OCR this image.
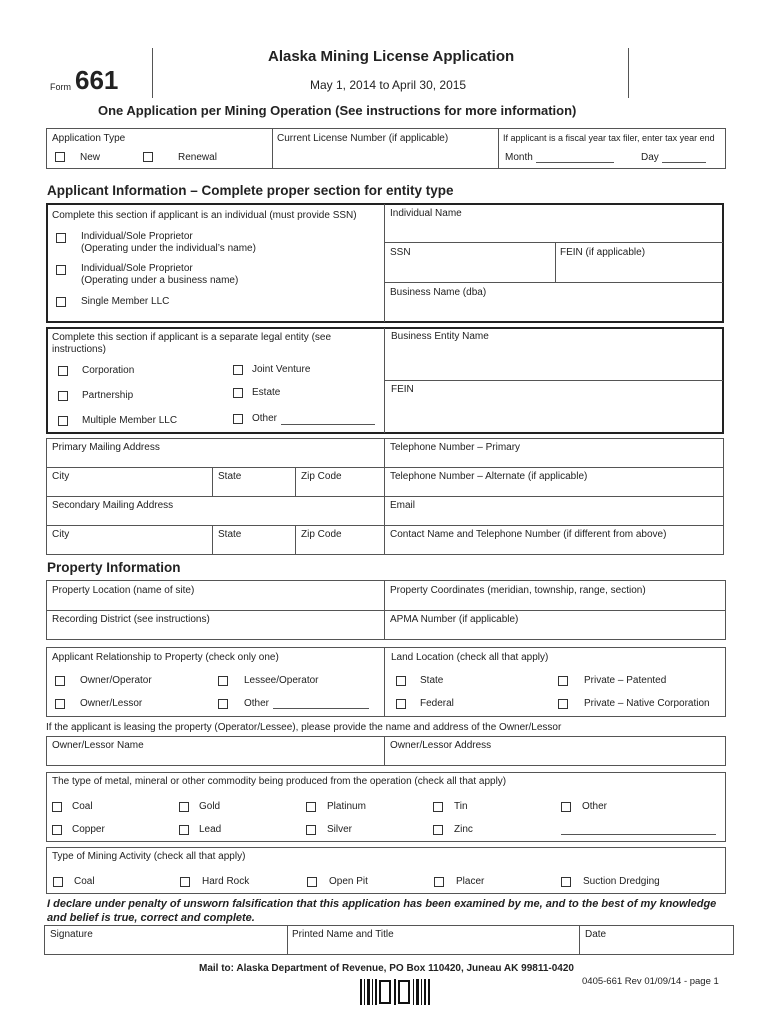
Form 661
Alaska Mining License Application
May 1, 2014 to April 30, 2015
One Application per Mining Operation (See instructions for more information)
Application Type
New	Renewal
Current License Number (if applicable)	If applicant is a fiscal year tax filer, enter tax year end
Month	Day
Applicant Information – Complete proper section for entity type
Complete this section if applicant is an individual (must provide SSN)
Individual/Sole Proprietor
(Operating under the individual’s name)
Individual/Sole Proprietor
(Operating under a business name)
Single Member LLC
Individual Name
SSN	FEIN (if applicable)
Business Name (dba)
Complete this section if applicant is a separate legal entity (see
instructions)
Corporation
Partnership
Multiple Member LLC
Joint Venture
Estate
Other
Business Entity Name
FEIN
Primary Mailing Address	Telephone Number – Primary
City	State	Zip Code	Telephone Number – Alternate (if applicable)
Secondary Mailing Address	Email
City	State	Zip Code	Contact Name and Telephone Number (if different from above)
Property Information
Property Location (name of site)	Property Coordinates (meridian, township, range, section)
Recording District (see instructions)	APMA Number (if applicable)
Applicant Relationship to Property (check only one)
Owner/Operator	Lessee/Operator
Owner/Lessor	Other
Land Location (check all that apply)
State	Private – Patented
Federal	Private – Native Corporation
If the applicant is leasing the property (Operator/Lessee), please provide the name and address of the Owner/Lessor
Owner/Lessor Name	Owner/Lessor Address
The type of metal, mineral or other commodity being produced from the operation (check all that apply)
Coal	Gold	Platinum	Tin	Other
Copper	Lead	Silver	Zinc
Type of Mining Activity (check all that apply)
Coal	Hard Rock	Open Pit	Placer	Suction Dredging
I declare under penalty of unsworn falsification that this application has been examined by me, and to the best of my knowledge
and belief is true, correct and complete.
Signature	Printed Name and Title	Date
Mail to: Alaska Department of Revenue, PO Box 110420, Juneau AK 99811-0420
0405-661 Rev 01/09/14 - page 1
